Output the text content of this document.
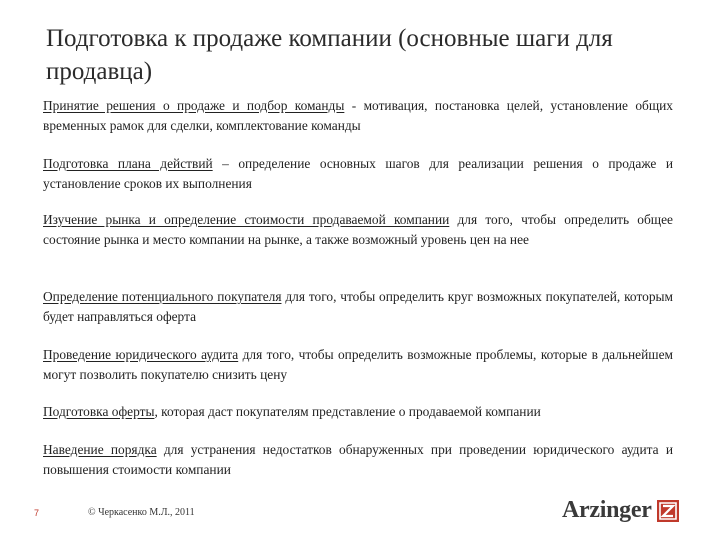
Подготовка к продаже компании (основные шаги для продавца)

Принятие решения о продаже и подбор команды - мотивация, постановка целей, установление общих временных рамок для сделки, комплектование команды

Подготовка плана действий – определение основных шагов для реализации решения о продаже и установление сроков их выполнения

Изучение рынка и определение стоимости продаваемой компании для того, чтобы определить общее состояние рынка и место компании на рынке, а также возможный уровень цен на нее

Определение потенциального покупателя для того, чтобы определить круг возможных покупателей, которым будет направляться оферта

Проведение юридического аудита для того, чтобы определить возможные проблемы, которые в дальнейшем могут позволить покупателю снизить цену

Подготовка оферты, которая даст покупателям представление о продаваемой компании

Наведение порядка для устранения недостатков обнаруженных при проведении юридического аудита и повышения стоимости компании

7	© Черкасенко М.Л., 2011	Arzinger
